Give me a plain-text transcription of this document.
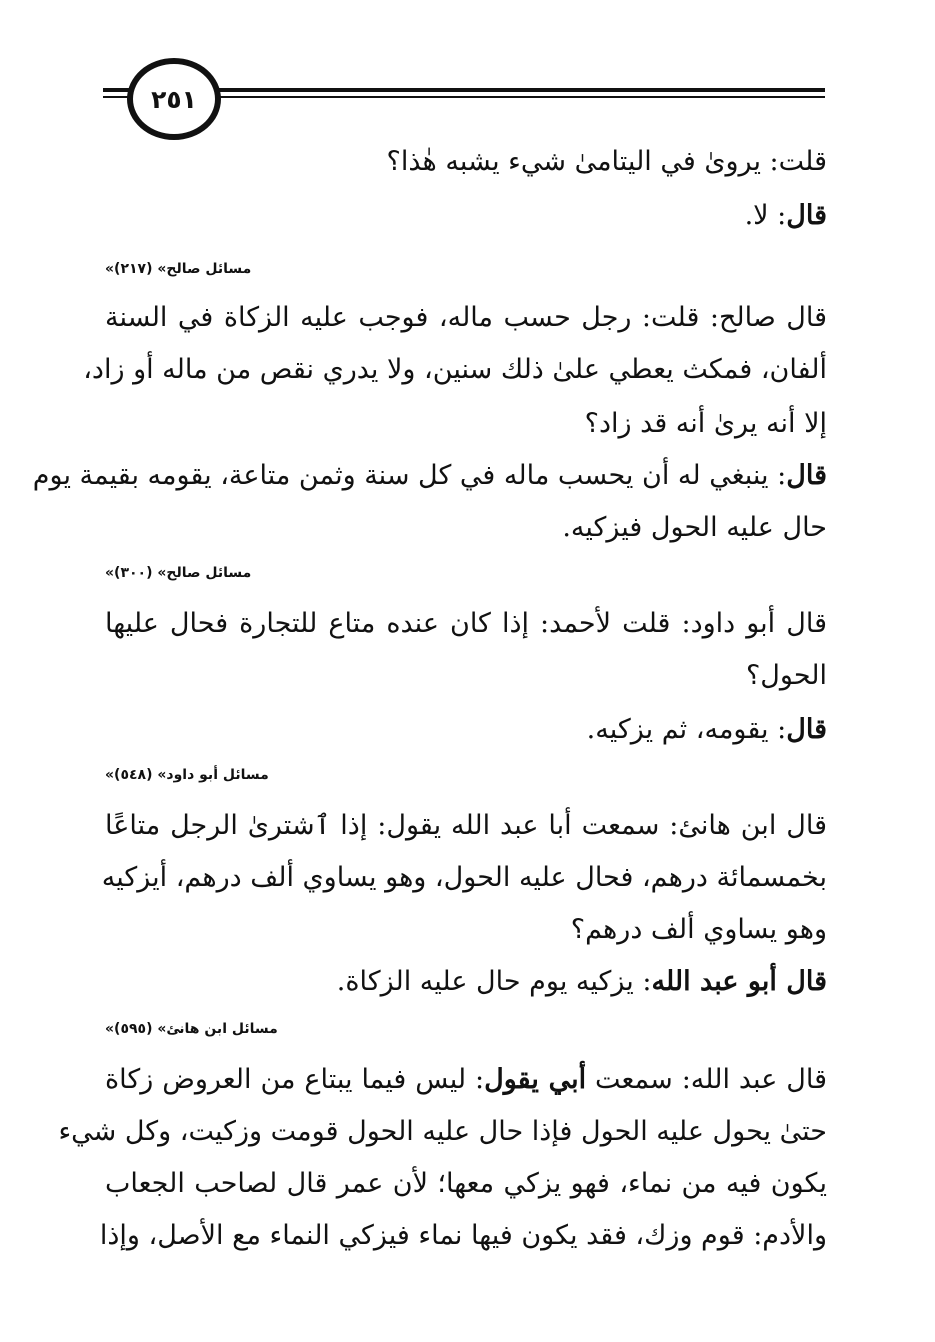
٢٥١
قلت: يرویٰ في اليتامیٰ شيء يشبه هٰذا؟
قال: لا.
«مسائل صالح» (٢١٧)
قال صالح: قلت: رجل حسب ماله، فوجب عليه الزكاة في السنة
ألفان، فمكث يعطي علىٰ ذلك سنين، ولا يدري نقص من ماله أو زاد،
إلا أنه يریٰ أنه قد زاد؟
قال: ينبغي له أن يحسب ماله في كل سنة وثمن متاعة، يقومه بقيمة يوم
حال عليه الحول فيزكيه.
«مسائل صالح» (٣٠٠)
قال أبو داود: قلت لأحمد: إذا كان عنده متاع للتجارة فحال عليها
الحول؟
قال: يقومه، ثم يزكيه.
«مسائل أبو داود» (٥٤٨)
قال ابن هانئ: سمعت أبا عبد الله يقول: إذا ٱشترىٰ الرجل متاعًا
بخمسمائة درهم، فحال عليه الحول، وهو يساوي ألف درهم، أيزكيه
وهو يساوي ألف درهم؟
قال أبو عبد الله: يزكيه يوم حال عليه الزكاة.
«مسائل ابن هانئ» (٥٩٥)
قال عبد الله: سمعت أبي يقول: ليس فيما يبتاع من العروض زكاة
حتىٰ يحول عليه الحول فإذا حال عليه الحول قومت وزكيت، وكل شيء
يكون فيه من نماء، فهو يزكي معها؛ لأن عمر قال لصاحب الجعاب
والأدم: قوم وزك، فقد يكون فيها نماء فيزكي النماء مع الأصل، وإذا
